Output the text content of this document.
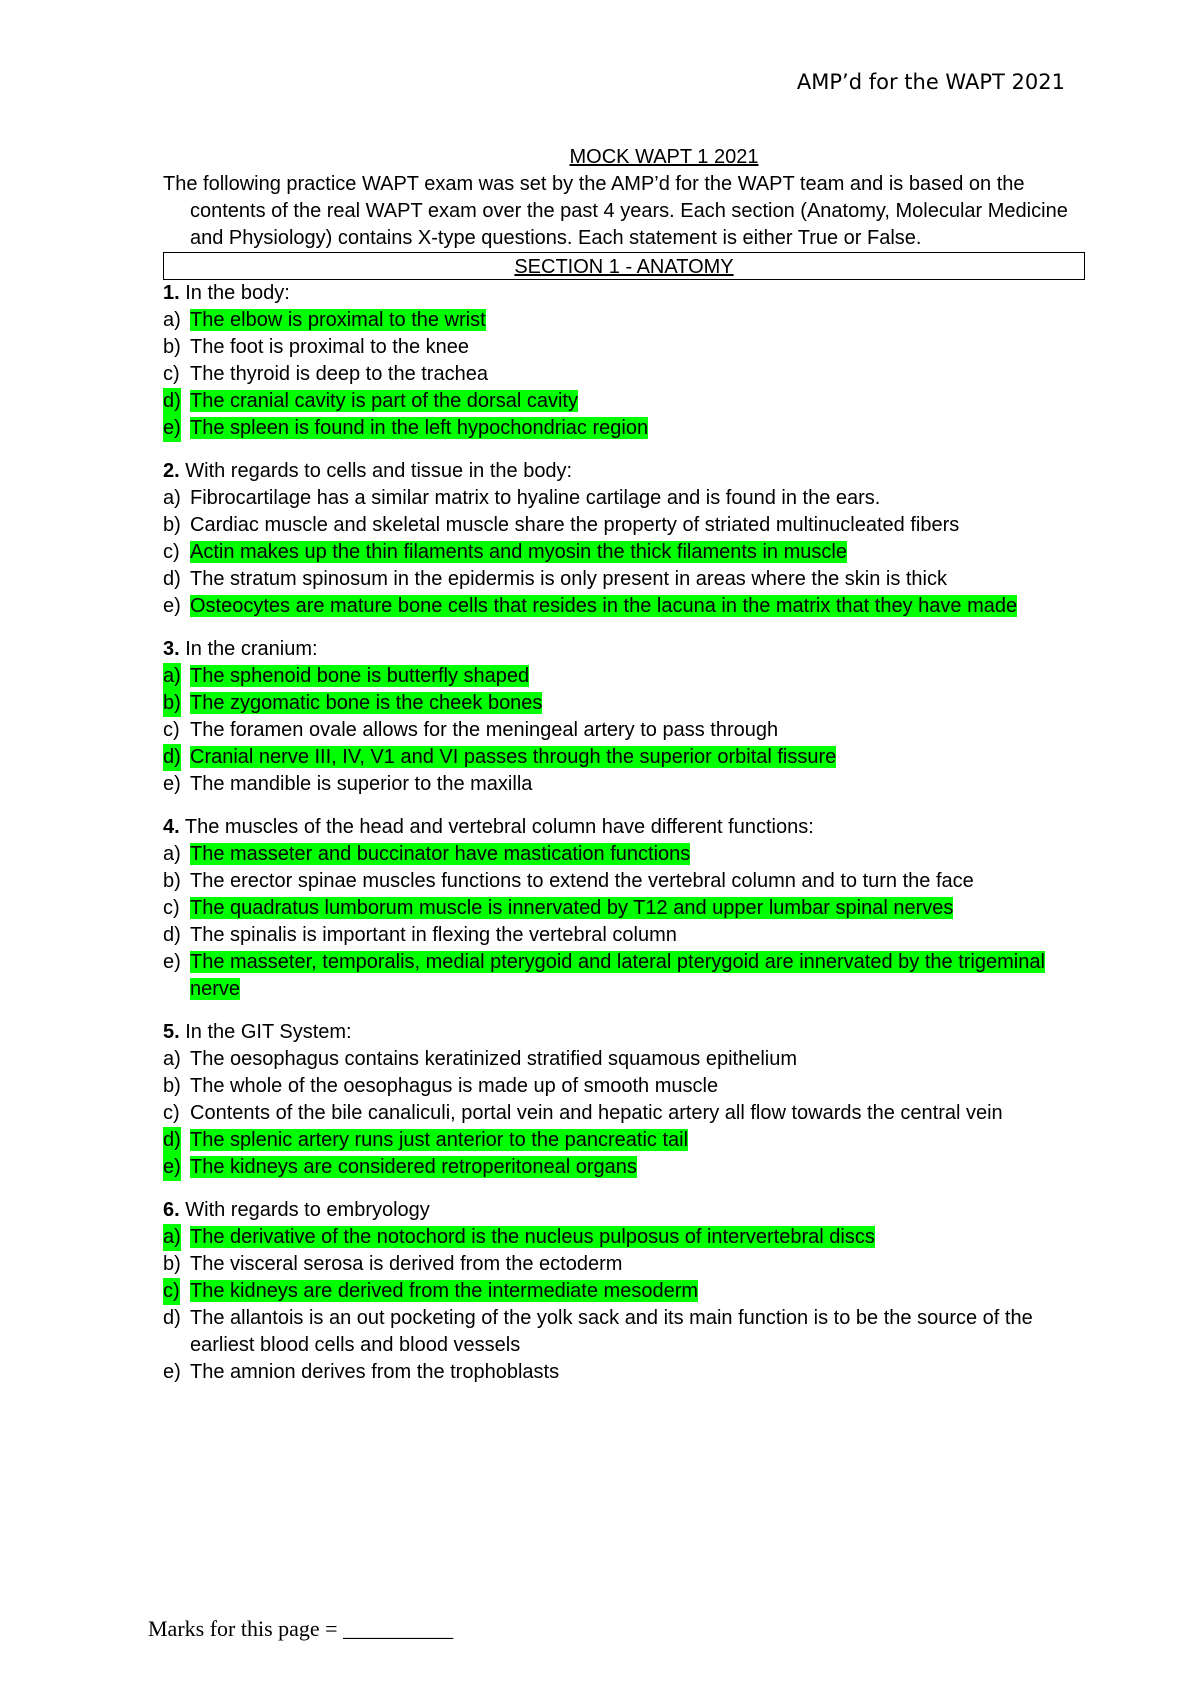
AMP’d for the WAPT 2021
MOCK WAPT 1 2021

The following practice WAPT exam was set by the AMP’d for the WAPT team and is based on the contents of the real WAPT exam over the past 4 years. Each section (Anatomy, Molecular Medicine and Physiology) contains X-type questions. Each statement is either True or False.

SECTION 1 - ANATOMY
1. In the body:
a) The elbow is proximal to the wrist
b) The foot is proximal to the knee
c) The thyroid is deep to the trachea
d) The cranial cavity is part of the dorsal cavity
e) The spleen is found in the left hypochondriac region
2. With regards to cells and tissue in the body:
a) Fibrocartilage has a similar matrix to hyaline cartilage and is found in the ears.
b) Cardiac muscle and skeletal muscle share the property of striated multinucleated fibers
c) Actin makes up the thin filaments and myosin the thick filaments in muscle
d) The stratum spinosum in the epidermis is only present in areas where the skin is thick
e) Osteocytes are mature bone cells that resides in the lacuna in the matrix that they have made
3. In the cranium:
a) The sphenoid bone is butterfly shaped
b) The zygomatic bone is the cheek bones
c) The foramen ovale allows for the meningeal artery to pass through
d) Cranial nerve III, IV, V1 and VI passes through the superior orbital fissure
e) The mandible is superior to the maxilla
4. The muscles of the head and vertebral column have different functions:
a) The masseter and buccinator have mastication functions
b) The erector spinae muscles functions to extend the vertebral column and to turn the face
c) The quadratus lumborum muscle is innervated by T12 and upper lumbar spinal nerves
d) The spinalis is important in flexing the vertebral column
e) The masseter, temporalis, medial pterygoid and lateral pterygoid are innervated by the trigeminal nerve
5. In the GIT System:
a) The oesophagus contains keratinized stratified squamous epithelium
b) The whole of the oesophagus is made up of smooth muscle
c) Contents of the bile canaliculi, portal vein and hepatic artery all flow towards the central vein
d) The splenic artery runs just anterior to the pancreatic tail
e) The kidneys are considered retroperitoneal organs
6. With regards to embryology
a) The derivative of the notochord is the nucleus pulposus of intervertebral discs
b) The visceral serosa is derived from the ectoderm
c) The kidneys are derived from the intermediate mesoderm
d) The allantois is an out pocketing of the yolk sack and its main function is to be the source of the earliest blood cells and blood vessels
e) The amnion derives from the trophoblasts
Marks for this page = __________
